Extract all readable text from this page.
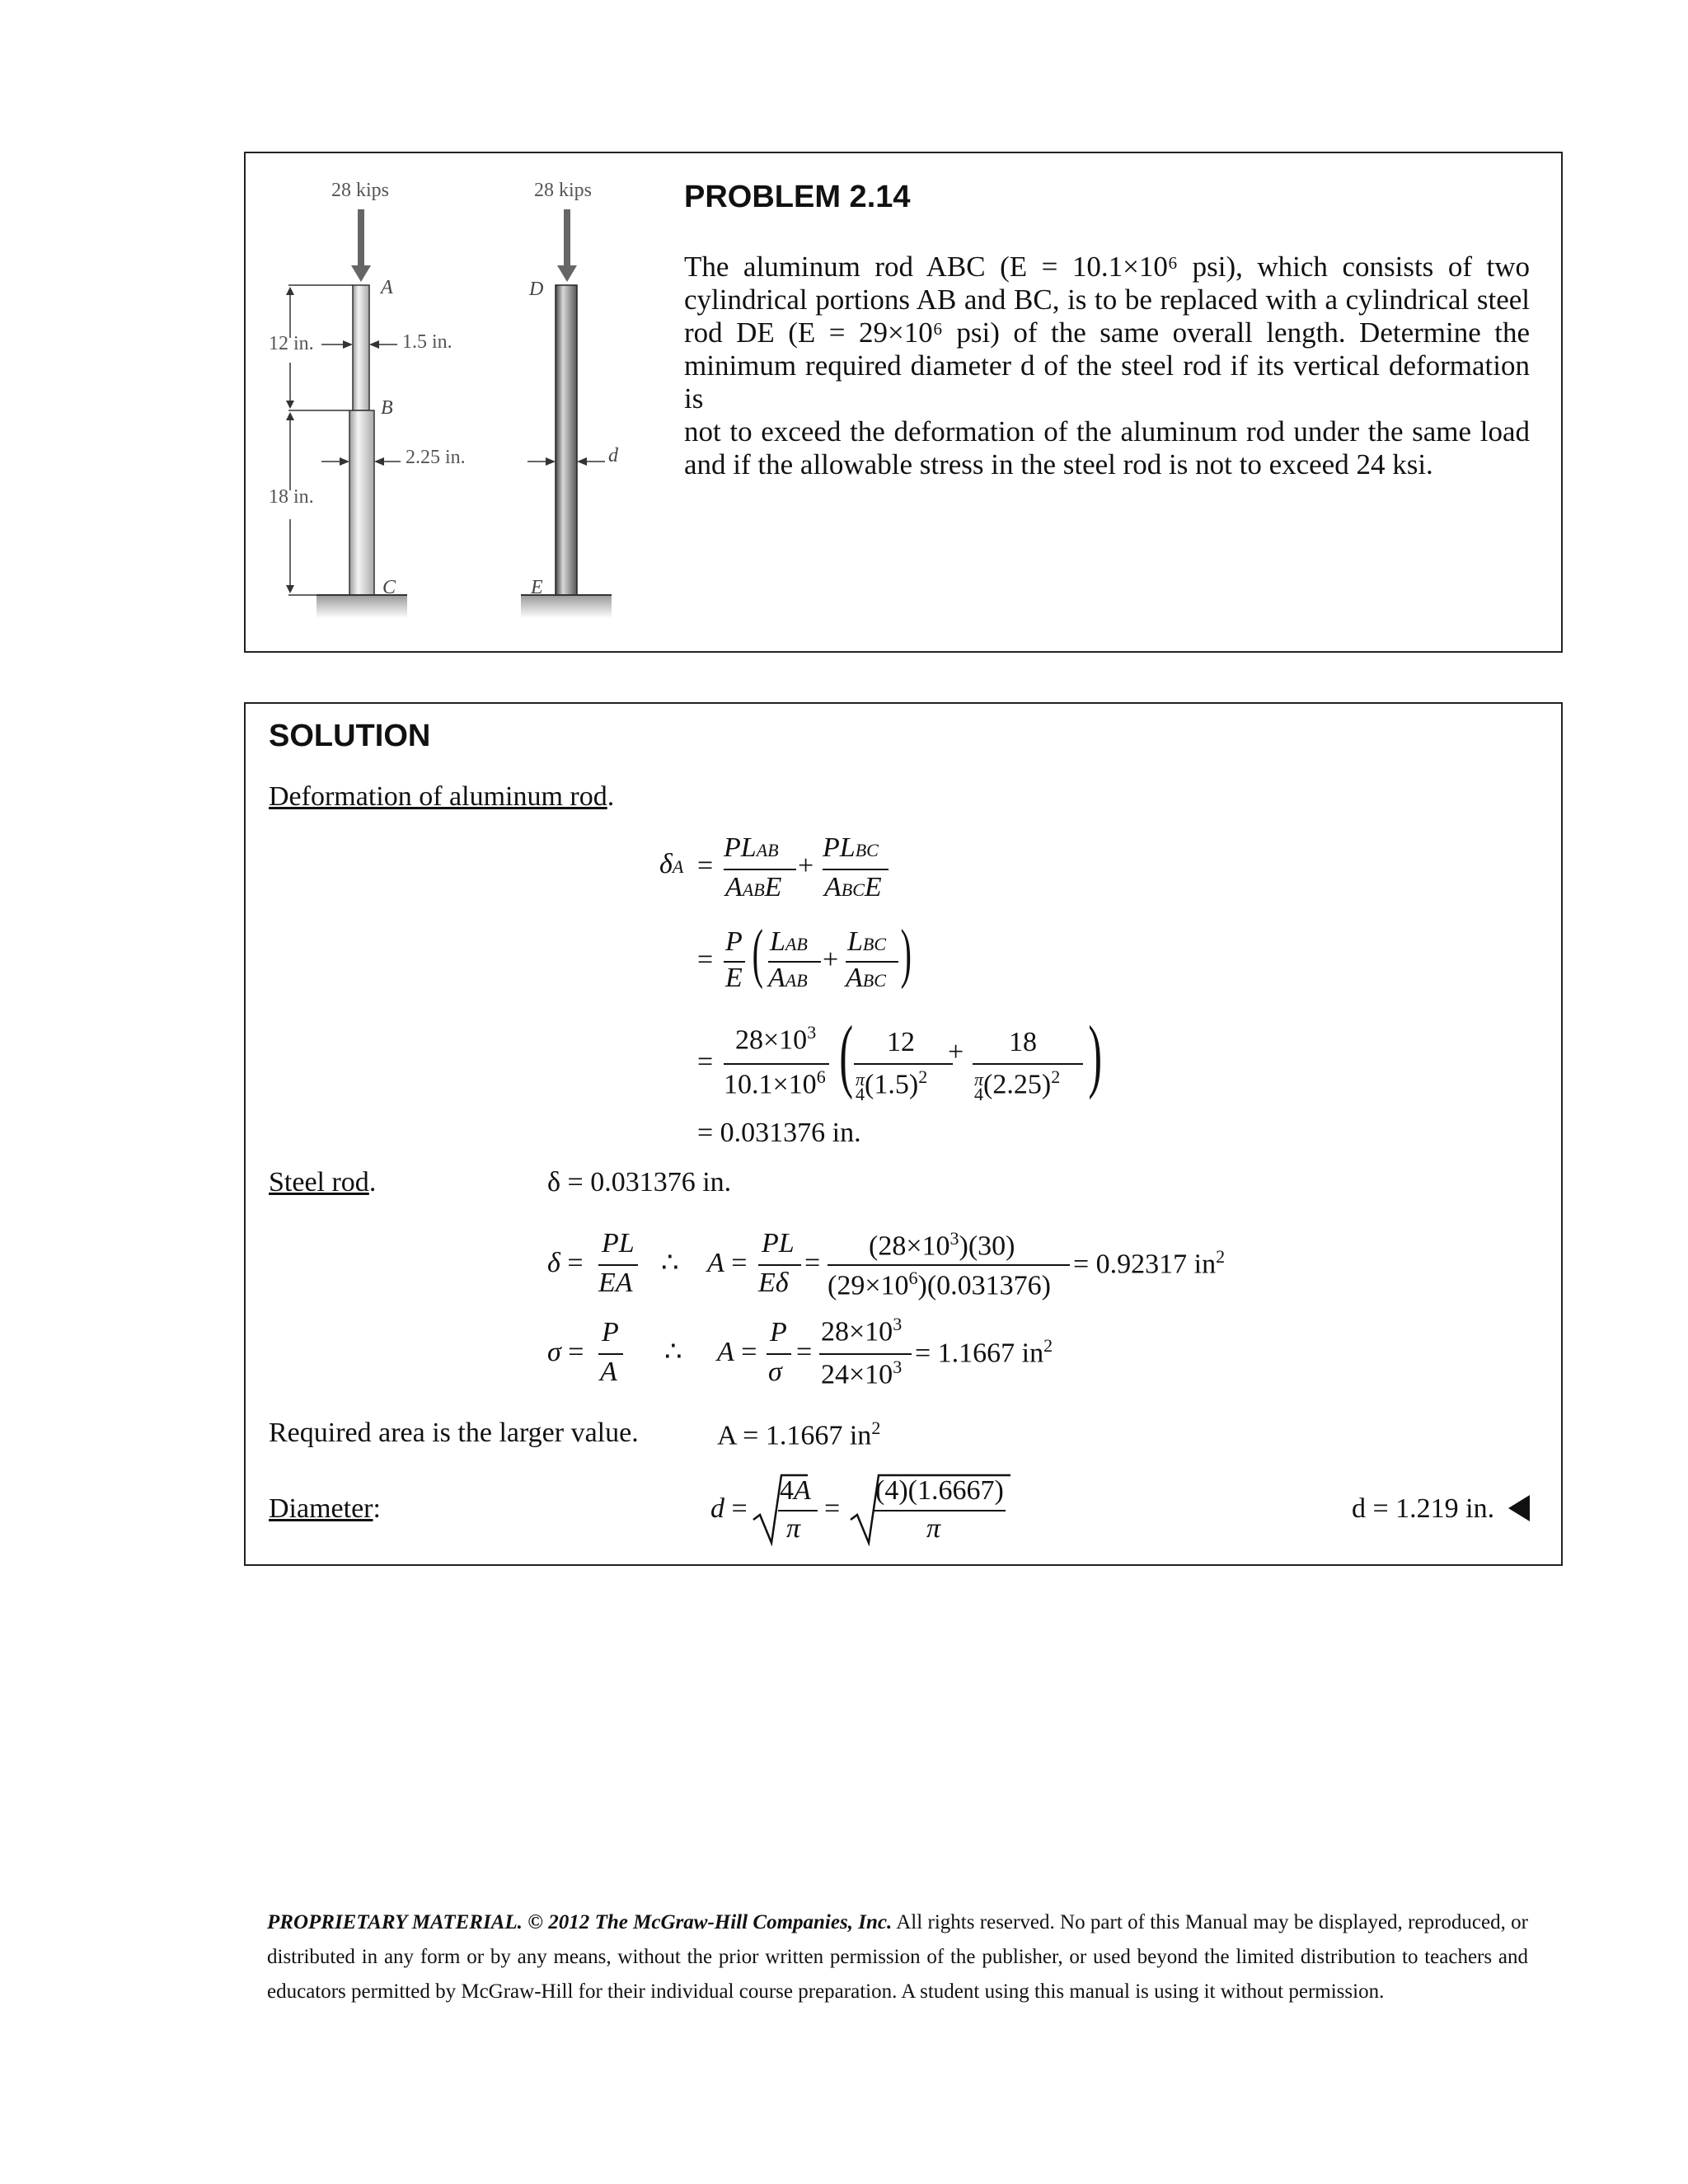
28 kips	28 kips
A
B
C
D
E
12 in.
18 in.
1.5 in.
2.25 in.	d
PROBLEM 2.14
The aluminum rod ABC (E = 10.1×10⁶ psi), which consists of two
cylindrical portions AB and BC, is to be replaced with a cylindrical steel
rod DE (E = 29×10⁶ psi) of the same overall length. Determine the
minimum required diameter d of the steel rod if its vertical deformation is
not to exceed the deformation of the aluminum rod under the same load
and if the allowable stress in the steel rod is not to exceed 24 ksi.
SOLUTION
Deformation of aluminum rod.
δA =
PLAB
AABE
+
PLBC
ABCE
=
P
E ( LAB
AAB
+
LBC
ABC )
=
$28\times 10^3$
$10.1\times 10^6$ ( 12
π
$4(1.5)^2$
+ 18
π
$4(2.25)^2$ )
= 0.031376 in.
Steel rod.	δ = 0.031376 in.
δ =
PL
EA
∴ A =
PL
Eδ
=
$(28\times 10^3)(30)$
$(29\times 10^6)(0.031376)$
= 0.92317 $in^2$
σ =
P
A
∴ A =
P
σ
=
$28\times 10^3$
$24\times 10^3 = 1.1667$ $in^2$
Required area is the larger value.	A = 1.1667 $in^2$
Diameter:	d =
4A
π
=
(4)(1.6667)
π
d = 1.219 in.
PROPRIETARY MATERIAL. © 2012 The McGraw-Hill Companies, Inc. All rights reserved. No part of this Manual may be displayed, reproduced, or distributed in any form or by any means, without the prior written permission of the publisher, or used beyond the limited distribution to teachers and educators permitted by McGraw-Hill for their individual course preparation. A student using this manual is using it without permission.
